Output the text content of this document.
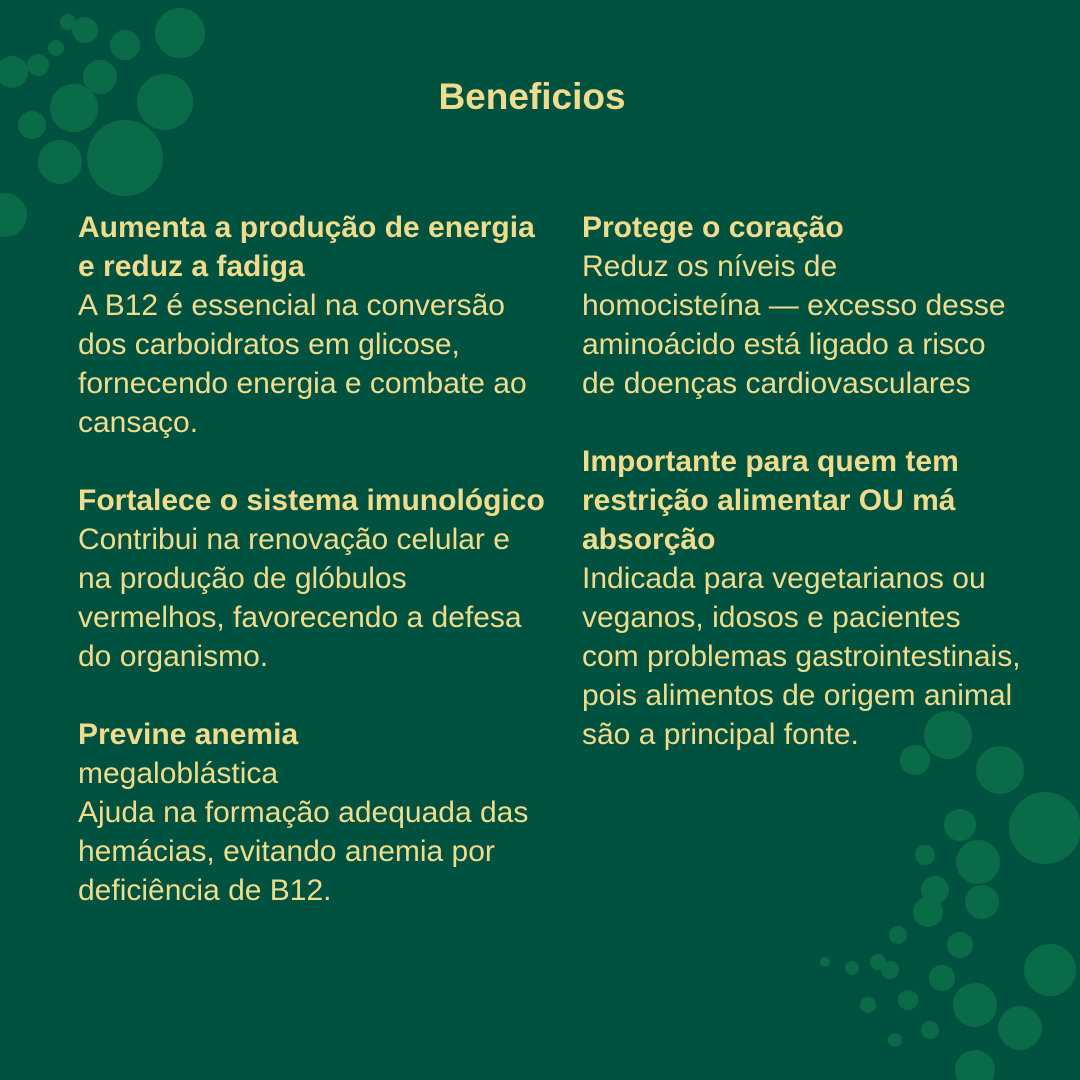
Beneficios

Aumenta a produção de energia e reduz a fadiga

A B12 é essencial na conversão dos carboidratos em glicose, fornecendo energia e combate ao cansaço.

Fortalece o sistema imunológico

Contribui na renovação celular e na produção de glóbulos vermelhos, favorecendo a defesa do organismo.

Previne anemia

megaloblástica

Ajuda na formação adequada das hemácias, evitando anemia por deficiência de B12.

Protege o coração

Reduz os níveis de homocisteína — excesso desse aminoácido está ligado a risco de doenças cardiovasculares

Importante para quem tem restrição alimentar OU má absorção

Indicada para vegetarianos ou veganos, idosos e pacientes com problemas gastrointestinais, pois alimentos de origem animal são a principal fonte.
